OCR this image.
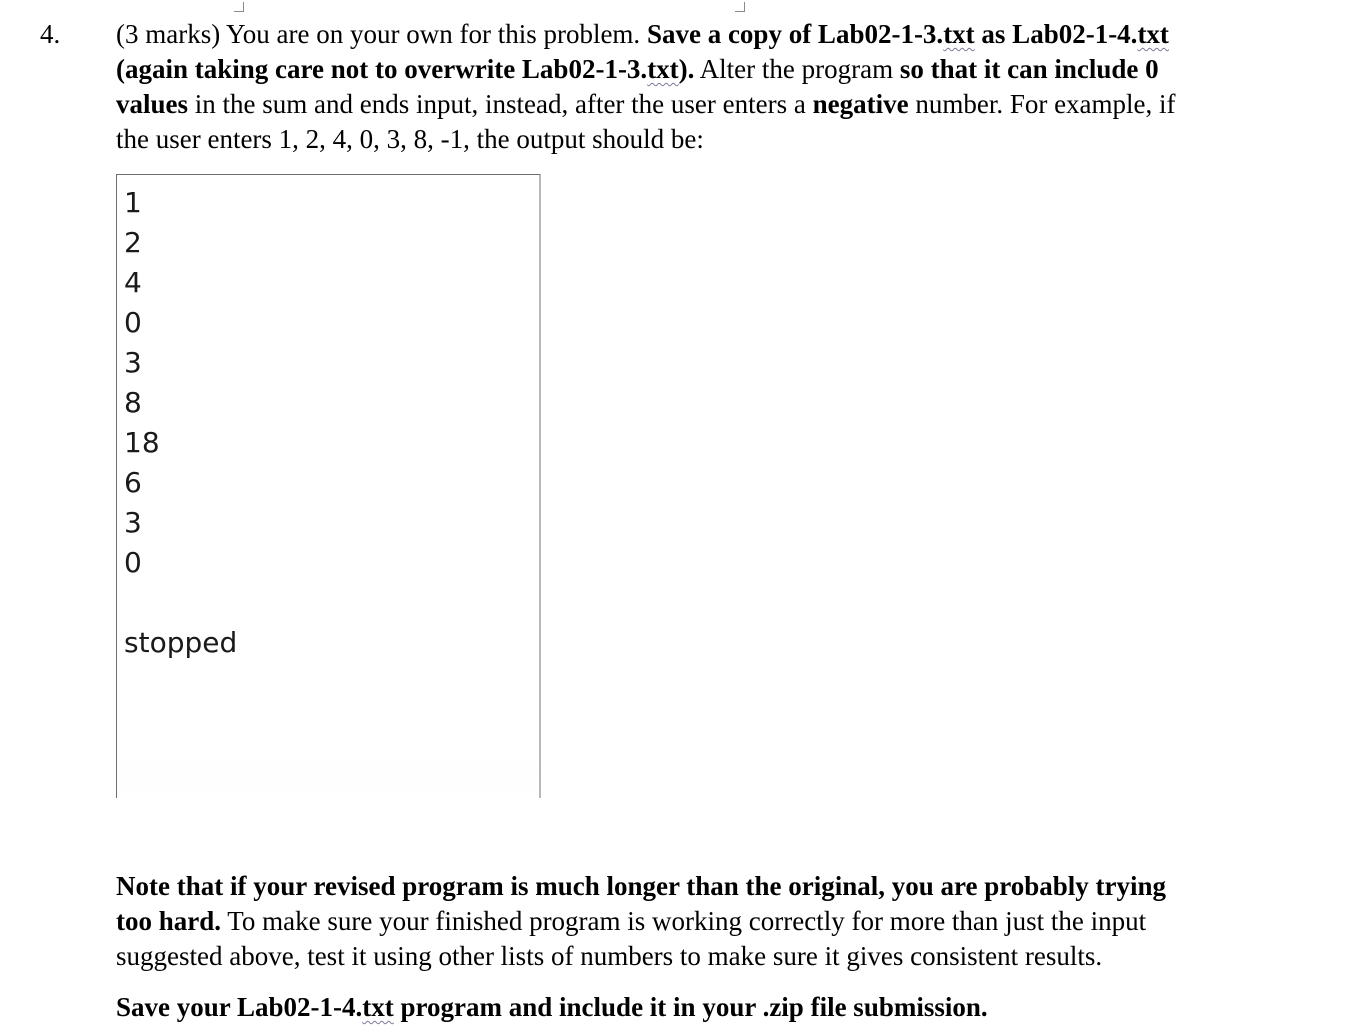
4. (3 marks) You are on your own for this problem. Save a copy of Lab02-1-3.txt as Lab02-1-4.txt
(again taking care not to overwrite Lab02-1-3.txt). Alter the program so that it can include 0
values in the sum and ends input, instead, after the user enters a negative number. For example, if
the user enters 1, 2, 4, 0, 3, 8, -1, the output should be:
1
2
4
0
3
8
18
6
3
0
stopped
Note that if your revised program is much longer than the original, you are probably trying
too hard. To make sure your finished program is working correctly for more than just the input
suggested above, test it using other lists of numbers to make sure it gives consistent results.
Save your Lab02-1-4.txt program and include it in your .zip file submission.
